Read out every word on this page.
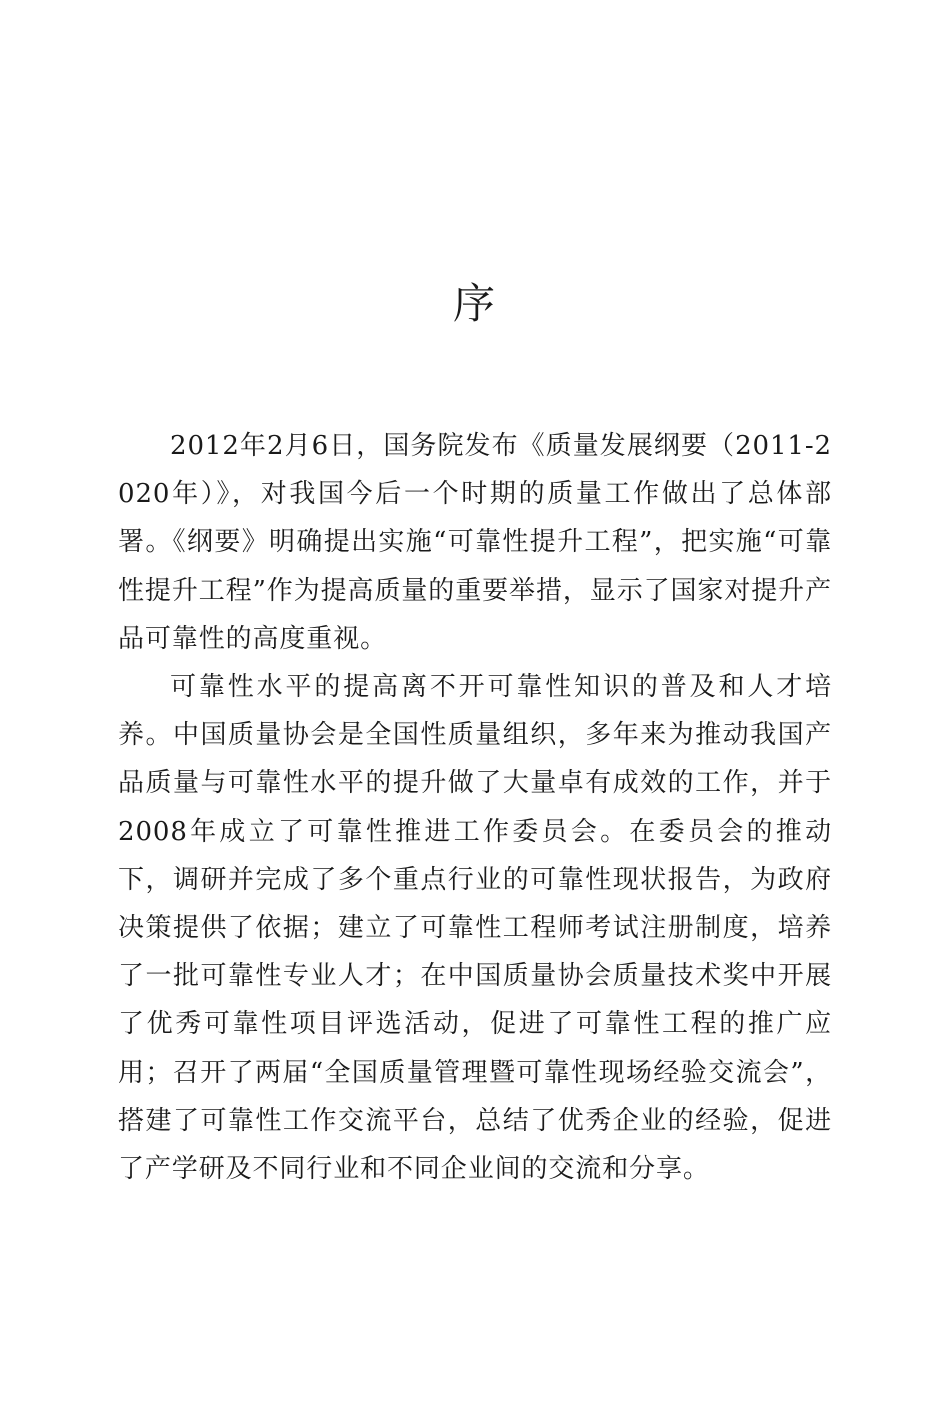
序

2012年2月6日，国务院发布《质量发展纲要（2011-2020年）》，对我国今后一个时期的质量工作做出了总体部署。《纲要》明确提出实施“可靠性提升工程”，把实施“可靠性提升工程”作为提高质量的重要举措，显示了国家对提升产品可靠性的高度重视。

可靠性水平的提高离不开可靠性知识的普及和人才培养。中国质量协会是全国性质量组织，多年来为推动我国产品质量与可靠性水平的提升做了大量卓有成效的工作，并于2008年成立了可靠性推进工作委员会。在委员会的推动下，调研并完成了多个重点行业的可靠性现状报告，为政府决策提供了依据；建立了可靠性工程师考试注册制度，培养了一批可靠性专业人才；在中国质量协会质量技术奖中开展了优秀可靠性项目评选活动，促进了可靠性工程的推广应用；召开了两届“全国质量管理暨可靠性现场经验交流会”，搭建了可靠性工作交流平台，总结了优秀企业的经验，促进了产学研及不同行业和不同企业间的交流和分享。
